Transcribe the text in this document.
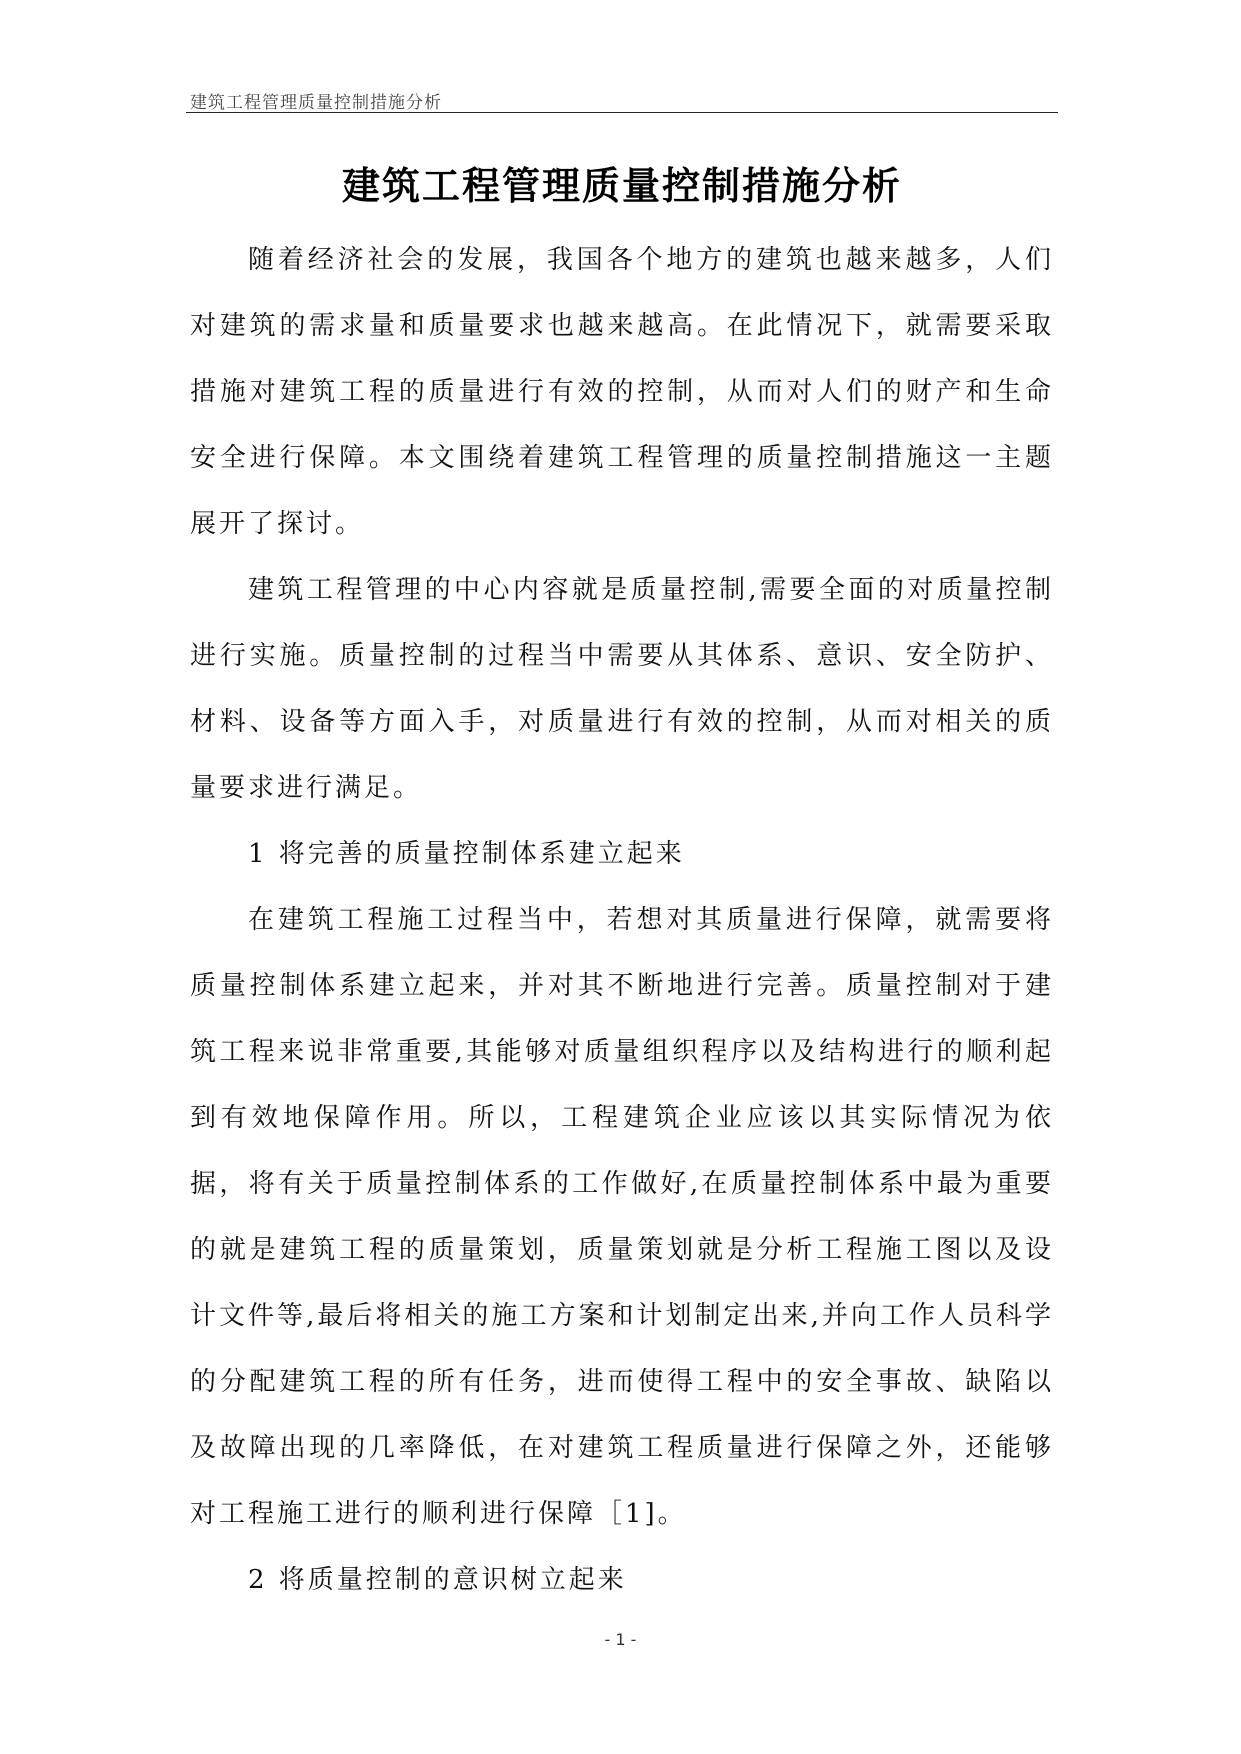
建筑工程管理质量控制措施分析
建筑工程管理质量控制措施分析

随着经济社会的发展，我国各个地方的建筑也越来越多，人们对建筑的需求量和质量要求也越来越高。在此情况下，就需要采取措施对建筑工程的质量进行有效的控制，从而对人们的财产和生命安全进行保障。本文围绕着建筑工程管理的质量控制措施这一主题展开了探讨。

建筑工程管理的中心内容就是质量控制,需要全面的对质量控制进行实施。质量控制的过程当中需要从其体系、意识、安全防护、材料、设备等方面入手，对质量进行有效的控制，从而对相关的质量要求进行满足。

1 将完善的质量控制体系建立起来

在建筑工程施工过程当中，若想对其质量进行保障，就需要将质量控制体系建立起来，并对其不断地进行完善。质量控制对于建筑工程来说非常重要,其能够对质量组织程序以及结构进行的顺利起到有效地保障作用。所以，工程建筑企业应该以其实际情况为依据，将有关于质量控制体系的工作做好,在质量控制体系中最为重要的就是建筑工程的质量策划，质量策划就是分析工程施工图以及设计文件等,最后将相关的施工方案和计划制定出来,并向工作人员科学的分配建筑工程的所有任务，进而使得工程中的安全事故、缺陷以及故障出现的几率降低，在对建筑工程质量进行保障之外，还能够对工程施工进行的顺利进行保障［1]。

2 将质量控制的意识树立起来

- 1 -
